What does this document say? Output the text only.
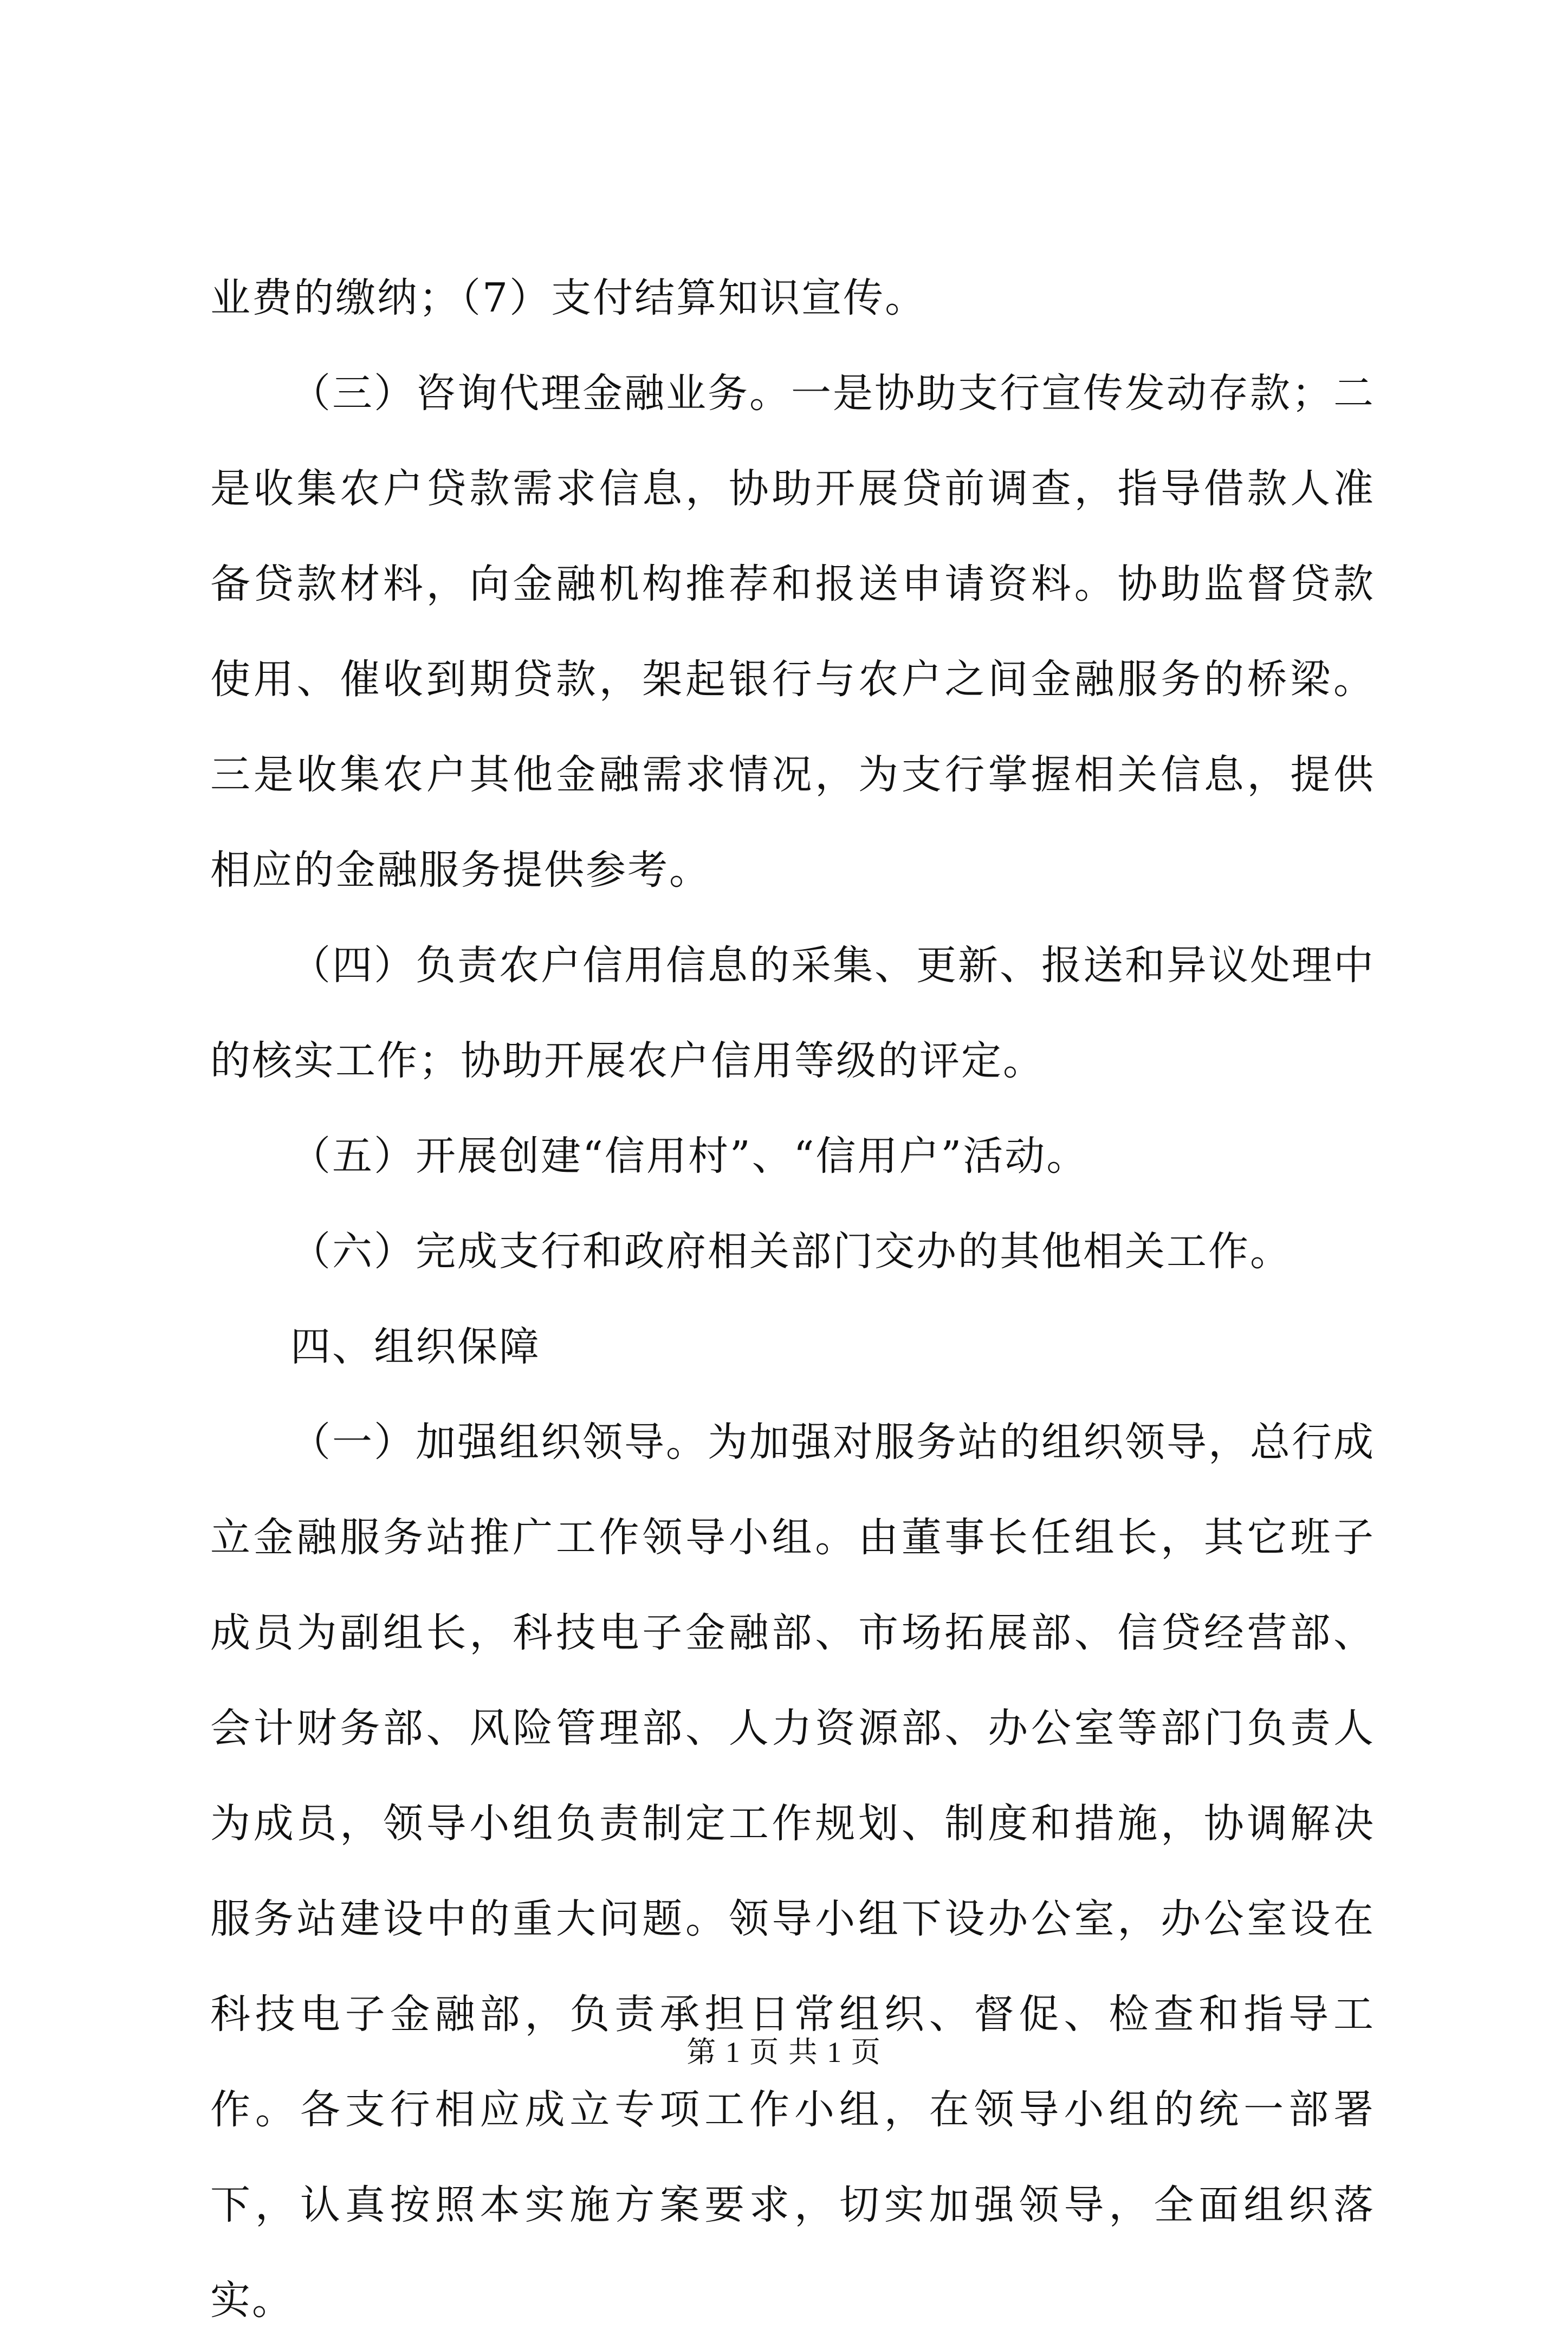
业费的缴纳；（7）支付结算知识宣传。

（三）咨询代理金融业务。一是协助支行宣传发动存款；二是收集农户贷款需求信息，协助开展贷前调查，指导借款人准备贷款材料，向金融机构推荐和报送申请资料。协助监督贷款使用、催收到期贷款，架起银行与农户之间金融服务的桥梁。三是收集农户其他金融需求情况，为支行掌握相关信息，提供相应的金融服务提供参考。

（四）负责农户信用信息的采集、更新、报送和异议处理中的核实工作；协助开展农户信用等级的评定。

（五）开展创建“信用村”、“信用户”活动。

（六）完成支行和政府相关部门交办的其他相关工作。

四、组织保障

（一）加强组织领导。为加强对服务站的组织领导，总行成立金融服务站推广工作领导小组。由董事长任组长，其它班子成员为副组长，科技电子金融部、市场拓展部、信贷经营部、会计财务部、风险管理部、人力资源部、办公室等部门负责人为成员，领导小组负责制定工作规划、制度和措施，协调解决服务站建设中的重大问题。领导小组下设办公室，办公室设在科技电子金融部，负责承担日常组织、督促、检查和指导工作。各支行相应成立专项工作小组，在领导小组的统一部署下，认真按照本实施方案要求，切实加强领导，全面组织落实。

第 1 页 共 1 页
